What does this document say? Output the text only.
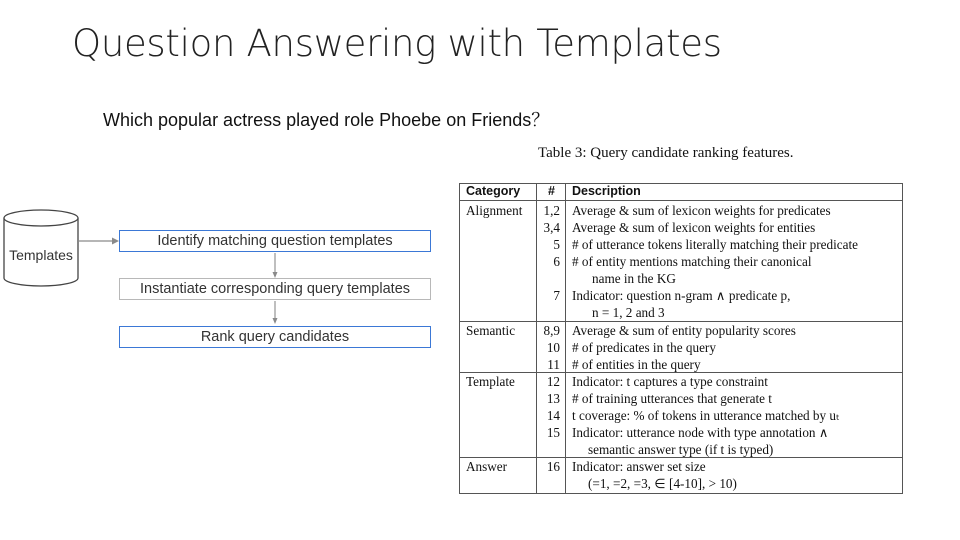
Question Answering with Templates
Which popular actress played role Phoebe on Friends？
Templates
Identify matching question templates
Instantiate corresponding query templates
Rank query candidates
Table 3: Query candidate ranking features.
Category # Description
Alignment	1,2 Average & sum of lexicon weights for predicates
3,4 Average & sum of lexicon weights for entities
5 # of utterance tokens literally matching their predicate
6 # of entity mentions matching their canonical
name in the KG
7 Indicator: question n-gram ∧ predicate p,
n = 1, 2 and 3
Semantic	8,9 Average & sum of entity popularity scores
10 # of predicates in the query
11 # of entities in the query
Template	12 Indicator: t captures a type constraint
13 # of training utterances that generate t
14 t coverage: % of tokens in utterance matched by uₜ
15 Indicator: utterance node with type annotation ∧
semantic answer type (if t is typed)
Answer	16 Indicator: answer set size
(=1, =2, =3, ∈ [4-10], > 10)
